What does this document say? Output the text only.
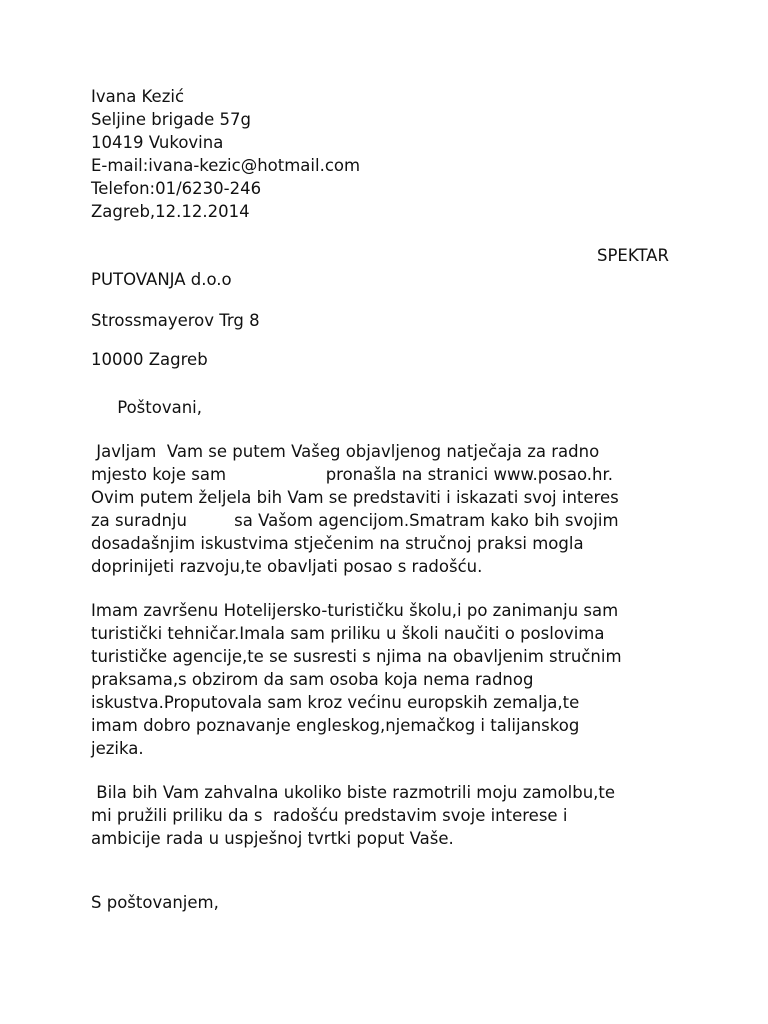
Ivana Kezić
Seljine brigade 57g
10419 Vukovina
E-mail:ivana-kezic@hotmail.com
Telefon:01/6230-246
Zagreb,12.12.2014
SPEKTAR
PUTOVANJA d.o.o
Strossmayerov Trg 8
10000 Zagreb
Poštovani,
Javljam  Vam se putem Vašeg objavljenog natječaja za radno
mjesto koje sam                   pronašla na stranici www.posao.hr.
Ovim putem željela bih Vam se predstaviti i iskazati svoj interes
za suradnju         sa Vašom agencijom.Smatram kako bih svojim
dosadašnjim iskustvima stječenim na stručnoj praksi mogla
doprinijeti razvoju,te obavljati posao s radošću.
Imam završenu Hotelijersko-turističku školu,i po zanimanju sam
turistički tehničar.Imala sam priliku u školi naučiti o poslovima
turističke agencije,te se susresti s njima na obavljenim stručnim
praksama,s obzirom da sam osoba koja nema radnog
iskustva.Proputovala sam kroz većinu europskih zemalja,te
imam dobro poznavanje engleskog,njemačkog i talijanskog
jezika.
Bila bih Vam zahvalna ukoliko biste razmotrili moju zamolbu,te
mi pružili priliku da s  radošću predstavim svoje interese i
ambicije rada u uspješnoj tvrtki poput Vaše.
S poštovanjem,
